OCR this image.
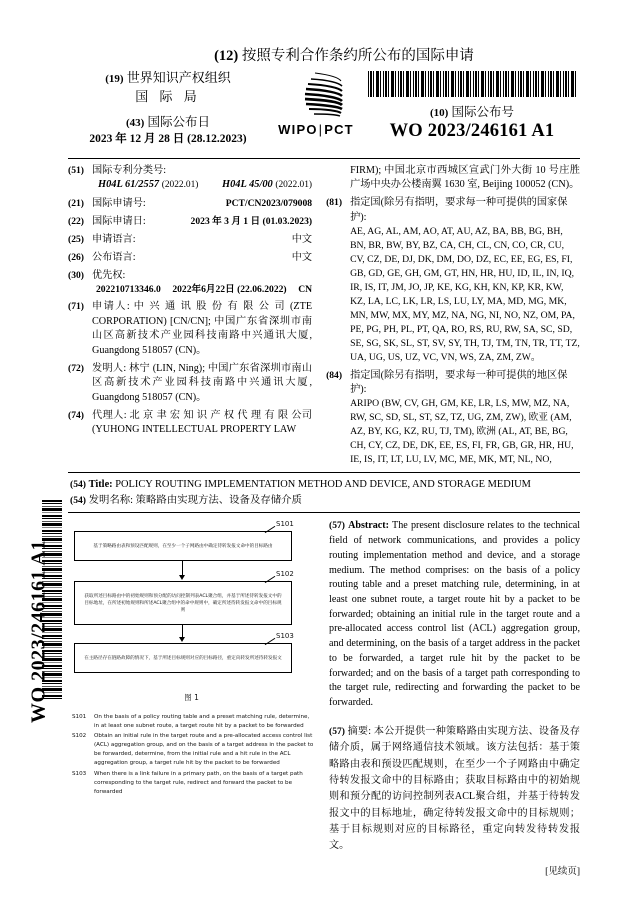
WO 2023/246161 A1
(12) 按照专利合作条约所公布的国际申请
(19) 世界知识产权组织
国 际 局
(43) 国际公布日
2023 年 12 月 28 日 (28.12.2023)
WIPO|PCT
(10) 国际公布号
WO 2023/246161 A1
(51) 国际专利分类号:
H04L 61/2557 (2022.01) H04L 45/00 (2022.01)
(21) 国际申请号:	PCT/CN2023/079008
(22) 国际申请日:	2023 年 3 月 1 日 (01.03.2023)
(25) 申请语言:	中文
(26) 公布语言:	中文
(30) 优先权:
202210713346.0 2022年6月22日 (22.06.2022) CN
(71) 申请人: 中 兴 通 讯 股 份 有 限 公 司 (ZTE CORPORATION) [CN/CN]; 中国广东省深圳市南山区高新技术产业园科技南路中兴通讯大厦, Guangdong 518057 (CN)。
(72) 发明人: 林宁 (LIN, Ning); 中国广东省深圳市南山区高新技术产业园科技南路中兴通讯大厦, Guangdong 518057 (CN)。
(74) 代理人: 北 京 聿 宏 知 识 产 权 代 理 有 限 公司(YUHONG INTELLECTUAL PROPERTY LAW
FIRM); 中国北京市西城区宣武门外大街 10 号庄胜广场中央办公楼南翼 1630 室, Beijing 100052 (CN)。
(81) 指定国(除另有指明，要求每一种可提供的国家保护):
AE, AG, AL, AM, AO, AT, AU, AZ, BA, BB, BG, BH, BN, BR, BW, BY, BZ, CA, CH, CL, CN, CO, CR, CU, CV, CZ, DE, DJ, DK, DM, DO, DZ, EC, EE, EG, ES, FI, GB, GD, GE, GH, GM, GT, HN, HR, HU, ID, IL, IN, IQ, IR, IS, IT, JM, JO, JP, KE, KG, KH, KN, KP, KR, KW, KZ, LA, LC, LK, LR, LS, LU, LY, MA, MD, MG, MK, MN, MW, MX, MY, MZ, NA, NG, NI, NO, NZ, OM, PA, PE, PG, PH, PL, PT, QA, RO, RS, RU, RW, SA, SC, SD, SE, SG, SK, SL, ST, SV, SY, TH, TJ, TM, TN, TR, TT, TZ, UA, UG, US, UZ, VC, VN, WS, ZA, ZM, ZW。
(84) 指定国(除另有指明，要求每一种可提供的地区保护):
ARIPO (BW, CV, GH, GM, KE, LR, LS, MW, MZ, NA, RW, SC, SD, SL, ST, SZ, TZ, UG, ZM, ZW), 欧亚 (AM, AZ, BY, KG, KZ, RU, TJ, TM), 欧洲 (AL, AT, BE, BG, CH, CY, CZ, DE, DK, EE, ES, FI, FR, GB, GR, HR, HU, IE, IS, IT, LT, LU, LV, MC, ME, MK, MT, NL, NO,
(54) Title: POLICY ROUTING IMPLEMENTATION METHOD AND DEVICE, AND STORAGE MEDIUM
(54) 发明名称: 策略路由实现方法、设备及存储介质
基于策略路由表和预设匹配规则，在至少一个子网路由中确定待转发报文命中的目标路由
获取所述目标路由中的初始规则和预分配的访问控制列表ACL聚合组，并基于所述待转发报文中的目标地址，在所述初始规则和所述ACL聚合组中的命中规则中，确定所述待转发报文命中的目标规则
在主路径存在链路故障的情况下，基于所述目标规则对应的目标路径，重定向转发所述待转发报文
S101
S102
S103
图 1
S101	On the basis of a policy routing table and a preset matching rule, determine, in at least one subnet route, a target route hit by a packet to be forwarded
S102	Obtain an initial rule in the target route and a pre-allocated access control list (ACL) aggregation group, and on the basis of a target address in the packet to be forwarded, determine, from the initial rule and a hit rule in the ACL aggregation group, a target rule hit by the packet to be forwarded
S103	When there is a link failure in a primary path, on the basis of a target path corresponding to the target rule, redirect and forward the packet to be forwarded
(57) Abstract: The present disclosure relates to the technical field of network communications, and provides a policy routing implementation method and device, and a storage medium. The method comprises: on the basis of a policy routing table and a preset matching rule, determining, in at least one subnet route, a target route hit by a packet to be forwarded; obtaining an initial rule in the target route and a pre-allocated access control list (ACL) aggregation group, and determining, on the basis of a target address in the packet to be forwarded, a target rule hit by the packet to be forwarded; and on the basis of a target path corresponding to the target rule, redirecting and forwarding the packet to be forwarded.
(57) 摘要: 本公开提供一种策略路由实现方法、设备及存储介质，属于网络通信技术领域。该方法包括：基于策略路由表和预设匹配规则，在至少一个子网路由中确定待转发报文命中的目标路由；获取目标路由中的初始规则和预分配的访问控制列表ACL聚合组，并基于待转发报文中的目标地址，确定待转发报文命中的目标规则；基于目标规则对应的目标路径，重定向转发待转发报文。
[见续页]
